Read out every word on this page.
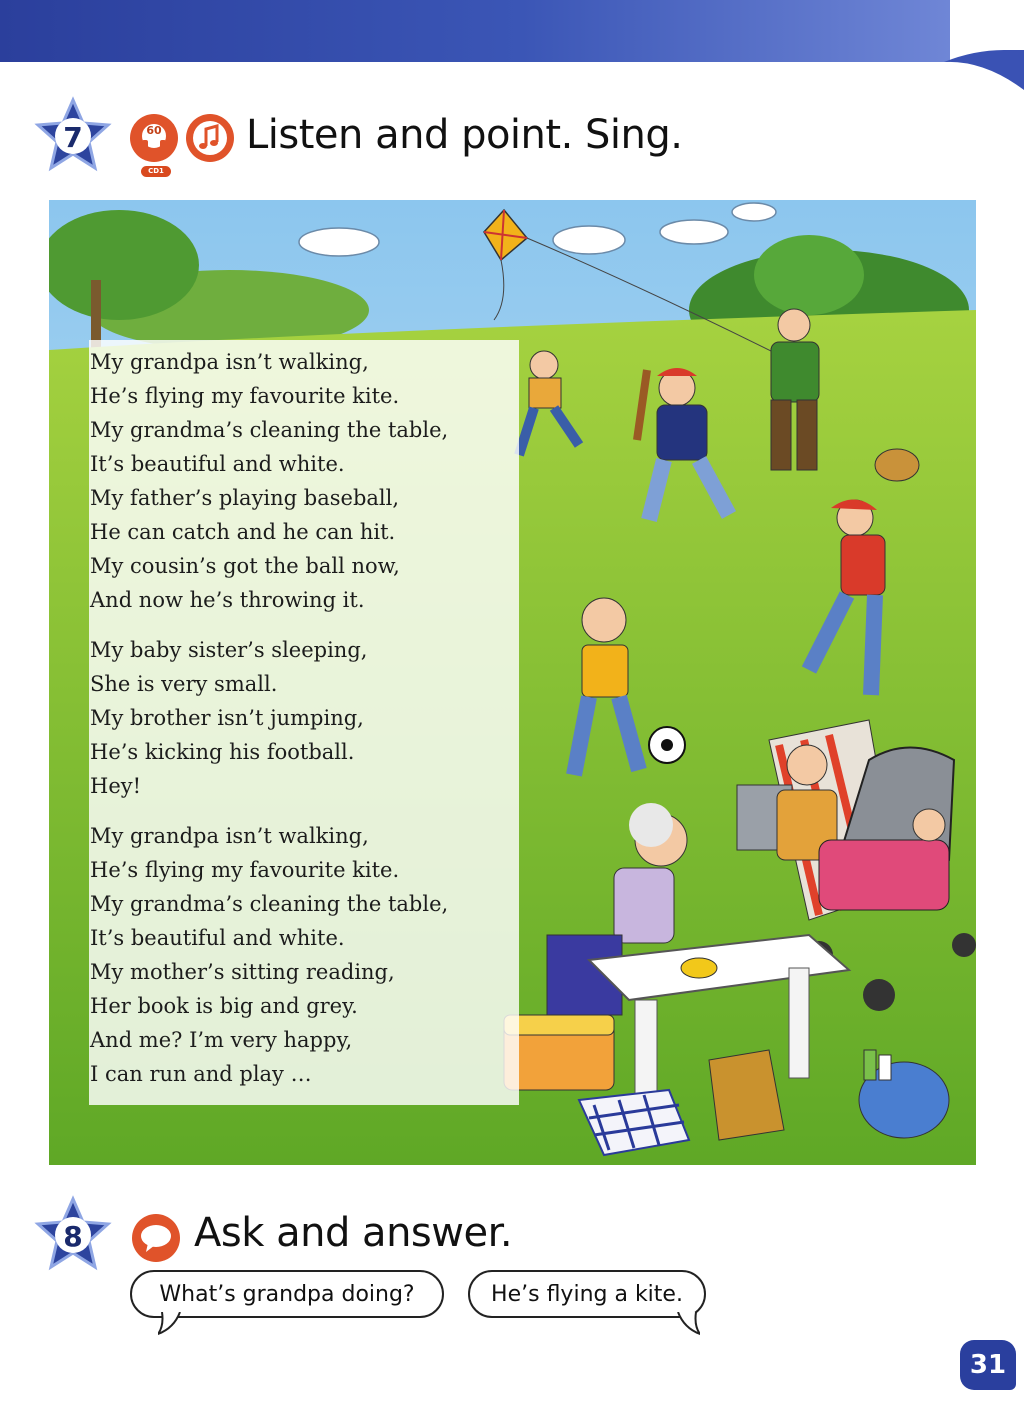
7	60
CD1
Listen and point. Sing.
My grandpa isn’t walking,
He’s flying my favourite kite.
My grandma’s cleaning the table,
It’s beautiful and white.
My father’s playing baseball,
He can catch and he can hit.
My cousin’s got the ball now,
And now he’s throwing it.
My baby sister’s sleeping,
She is very small.
My brother isn’t jumping,
He’s kicking his football.
Hey!
My grandpa isn’t walking,
He’s flying my favourite kite.
My grandma’s cleaning the table,
It’s beautiful and white.
My mother’s sitting reading,
Her book is big and grey.
And me? I’m very happy,
I can run and play …
8	Ask and answer.
What’s grandpa doing?	He’s flying a kite.
31
